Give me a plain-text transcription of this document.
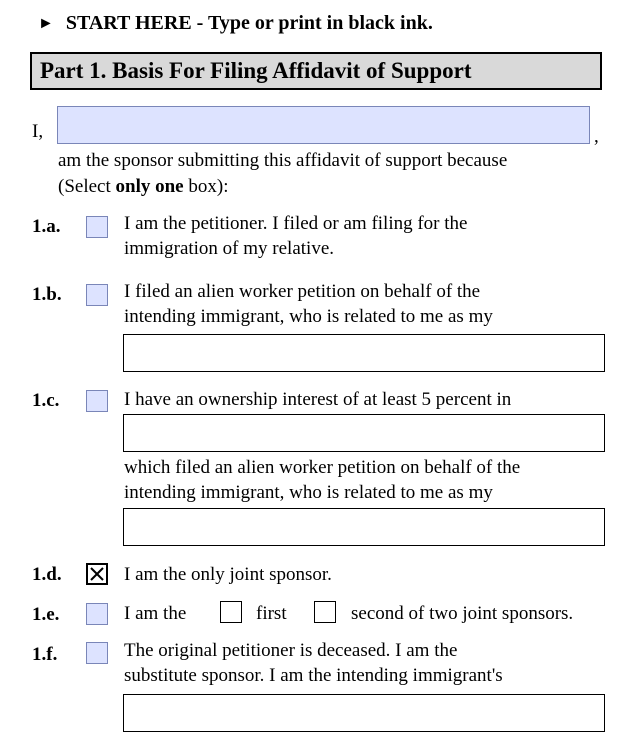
► START HERE - Type or print in black ink.
Part 1. Basis For Filing Affidavit of Support
I,	,
am the sponsor submitting this affidavit of support because
(Select only one box):
1.a.	I am the petitioner. I filed or am filing for the
immigration of my relative.
1.b.	I filed an alien worker petition on behalf of the
intending immigrant, who is related to me as my
1.c.	I have an ownership interest of at least 5 percent in
which filed an alien worker petition on behalf of the
intending immigrant, who is related to me as my
1.d.	I am the only joint sponsor.
1.e.	I am the	first	second of two joint sponsors.
1.f.	The original petitioner is deceased. I am the
substitute sponsor. I am the intending immigrant's
